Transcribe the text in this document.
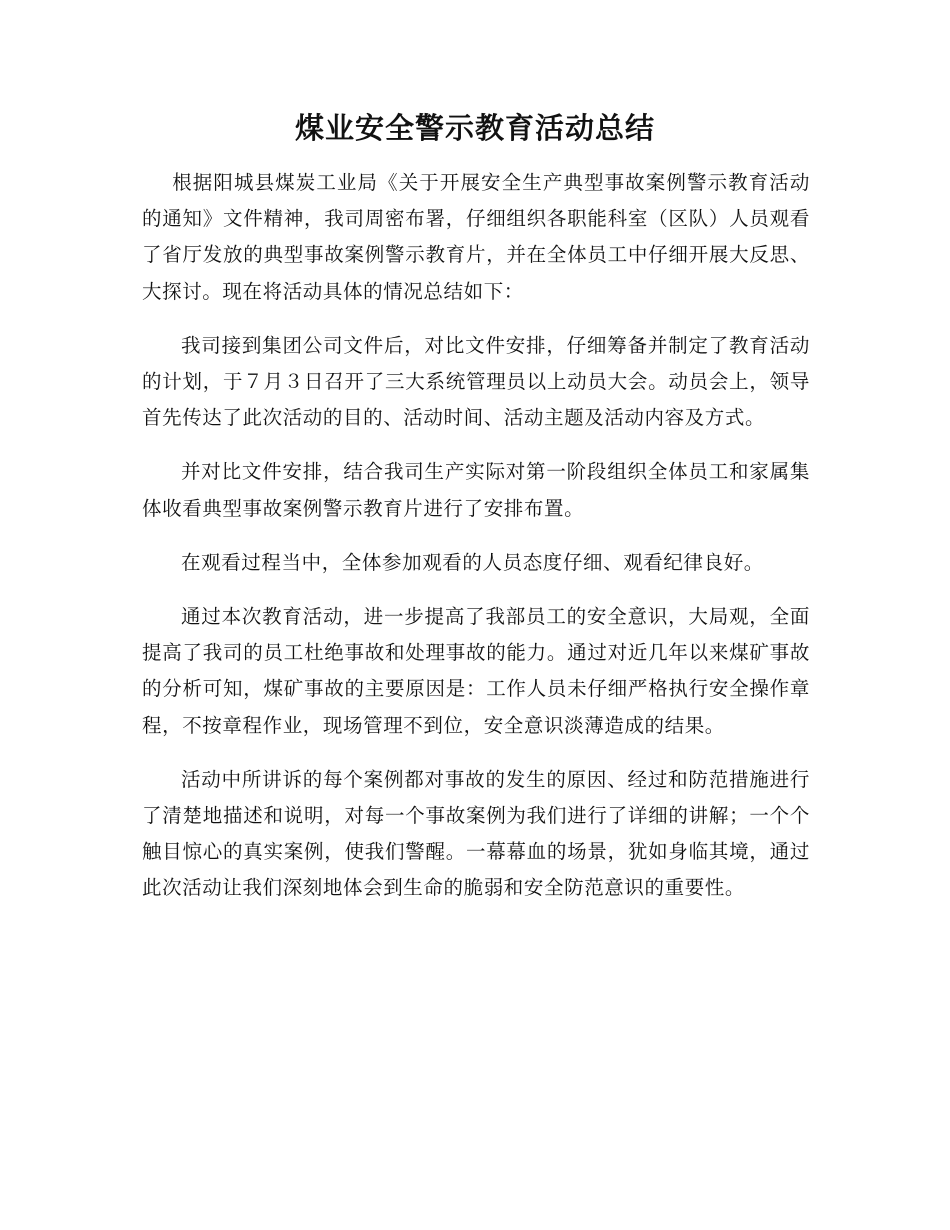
煤业安全警示教育活动总结

根据阳城县煤炭工业局《关于开展安全生产典型事故案例警示教育活动的通知》文件精神，我司周密布署，仔细组织各职能科室（区队）人员观看了省厅发放的典型事故案例警示教育片，并在全体员工中仔细开展大反思、大探讨。现在将活动具体的情况总结如下：

我司接到集团公司文件后，对比文件安排，仔细筹备并制定了教育活动的计划，于７月３日召开了三大系统管理员以上动员大会。动员会上，领导首先传达了此次活动的目的、活动时间、活动主题及活动内容及方式。

并对比文件安排，结合我司生产实际对第一阶段组织全体员工和家属集体收看典型事故案例警示教育片进行了安排布置。

在观看过程当中，全体参加观看的人员态度仔细、观看纪律良好。

通过本次教育活动，进一步提高了我部员工的安全意识，大局观，全面提高了我司的员工杜绝事故和处理事故的能力。通过对近几年以来煤矿事故的分析可知，煤矿事故的主要原因是：工作人员未仔细严格执行安全操作章程，不按章程作业，现场管理不到位，安全意识淡薄造成的结果。

活动中所讲诉的每个案例都对事故的发生的原因、经过和防范措施进行了清楚地描述和说明，对每一个事故案例为我们进行了详细的讲解；一个个触目惊心的真实案例，使我们警醒。一幕幕血的场景，犹如身临其境，通过此次活动让我们深刻地体会到生命的脆弱和安全防范意识的重要性。
